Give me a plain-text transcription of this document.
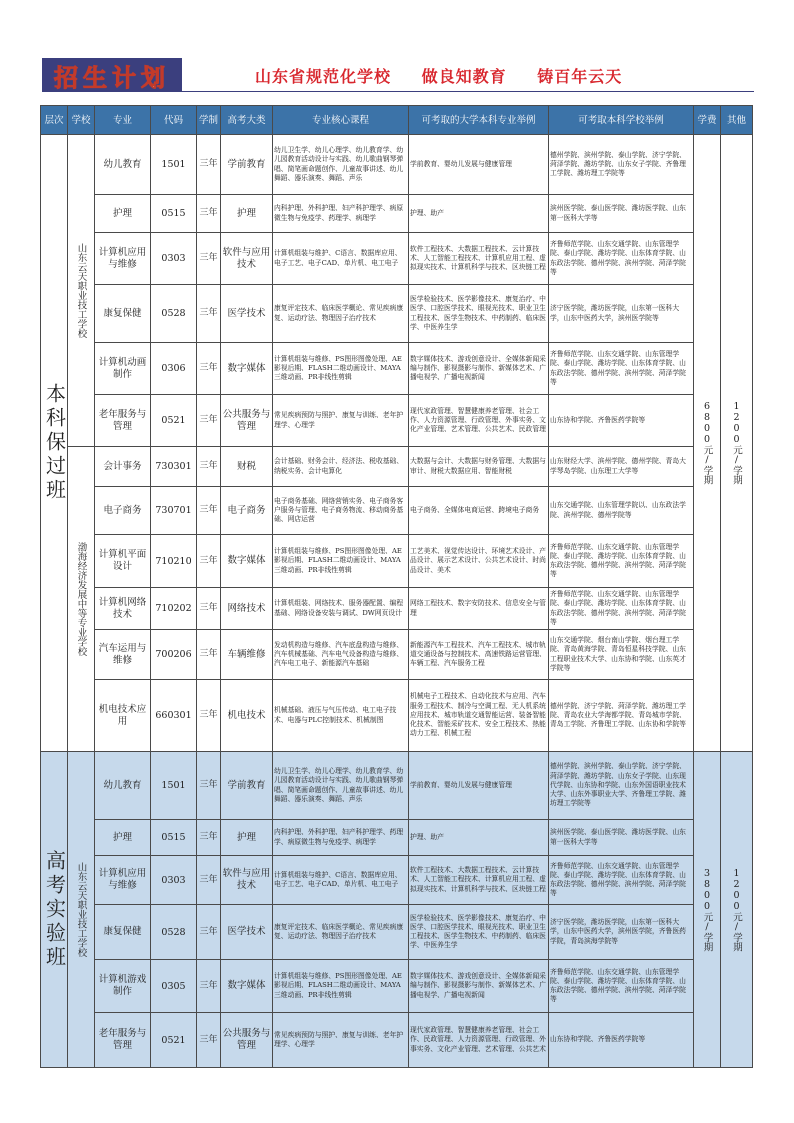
招生计划	山东省规范化学校 做良知教育 铸百年云天
层次	学校	专业	代码	学制	高考大类	专业核心课程	可考取的大学本科专业举例	可考取本科学校举例	学费	其他

本科保过班	山东云天职业技工学校	幼儿教育	1501	三年	学前教育	幼儿卫生学、幼儿心理学、幼儿教育学、幼儿园教育活动设计与实践、幼儿歌曲钢琴弹唱、简笔画命题创作、儿童故事讲述、幼儿舞蹈、器乐演奏、舞蹈、声乐	学前教育、婴幼儿发展与健康管理	德州学院、滨州学院、泰山学院、济宁学院、菏泽学院、潍坊学院、山东女子学院、齐鲁理工学院、潍坊理工学院等	6800元/学期	1200元/学期

		护理	0515	三年	护理	内科护理、外科护理、妇产科护理学、病原微生物与免疫学、药理学、病理学	护理、助产	滨州医学院、泰山医学院、潍坊医学院、山东第一医科大学等		
		计算机应用与维修	0303	三年	软件与应用技术	计算机组装与维护、C语言、数据库应用、电子工艺、电子CAD、单片机、电工电子	软件工程技术、大数据工程技术、云计算技术、人工智能工程技术、计算机应用工程、虚拟现实技术、计算机科学与技术、区块链工程	齐鲁师范学院、山东交通学院、山东管理学院、泰山学院、潍坊学院、山东体育学院、山东政法学院、德州学院、滨州学院、菏泽学院等		
		康复保健	0528	三年	医学技术	康复评定技术、临床医学概论、常见疾病康复、运动疗法、物理因子治疗技术	医学检验技术、医学影像技术、康复治疗、中医学、口腔医学技术、眼视光技术、职业卫生工程技术、医学生物技术、中药制药、临床医学、中医养生学	济宁医学院，潍坊医学院，山东第一医科大学，山东中医药大学，滨州医学院等		
		计算机动画制作	0306	三年	数字媒体	计算机组装与维修、PS图形图像处理、AE影视后期、FLASH二维动画设计、MAYA三维动画、PR非线性剪辑	数字媒体技术、游戏创意设计、全媒体新闻采编与制作、影视摄影与制作、新媒体艺术、广播电视学、广播电视新闻	齐鲁师范学院、山东交通学院、山东管理学院、泰山学院、潍坊学院、山东体育学院、山东政法学院、德州学院、滨州学院、菏泽学院等		
		老年服务与管理	0521	三年	公共服务与管理	常见疾病预防与照护、康复与训练、老年护理学、心理学	现代家政管理、智慧健康养老管理、社会工作、人力资源管理、行政管理、外事实务、文化产业管理、艺术管理、公共艺术、民政管理	山东协和学院、齐鲁医药学院等		

	渤海经济发展中等专业学校	会计事务	730301	三年	财税	会计基础、财务会计、经济法、税收基础、纳税实务、会计电算化	大数据与会计、大数据与财务管理、大数据与审计、财税大数据应用、智能财税	山东财经大学、滨州学院、德州学院、青岛大学琴岛学院、山东理工大学等		
		电子商务	730701	三年	电子商务	电子商务基础、网络营销实务、电子商务客户服务与管理、电子商务物流、移动商务基础、网店运营	电子商务、全媒体电商运营、跨境电子商务	山东交通学院、山东管理学院以、山东政法学院、滨州学院、德州学院等		
		计算机平面设计	710210	三年	数字媒体	计算机组装与维修、PS图形图像处理、AE影视后期、FLASH二维动画设计、MAYA三维动画、PR非线性剪辑	工艺美术、视觉传达设计、环境艺术设计、产品设计、展示艺术设计、公共艺术设计、时尚品设计、美术	齐鲁师范学院、山东交通学院、山东管理学院、泰山学院、潍坊学院、山东体育学院、山东政法学院、德州学院、滨州学院、菏泽学院等		
		计算机网络技术	710202	三年	网络技术	计算机组装、网络技术、服务器配置、编程基础、网络设备安装与调试、DW网页设计	网络工程技术、数字安防技术、信息安全与管理	齐鲁师范学院、山东交通学院、山东管理学院、泰山学院、潍坊学院、山东体育学院、山东政法学院、德州学院、滨州学院、菏泽学院等		
		汽车运用与维修	700206	三年	车辆维修	发动机构造与维修、汽车底盘构造与维修、汽车机械基础、汽车电气设备构造与维修、汽车电工电子、新能源汽车基础	新能源汽车工程技术、汽车工程技术、城市轨道交通设备与控制技术、高速铁路运营管理、车辆工程、汽车服务工程	山东交通学院、烟台南山学院、烟台理工学院、青岛黄海学院、青岛恒星科技学院、山东工程职业技术大学、山东协和学院、山东英才学院等		
		机电技术应用	660301	三年	机电技术	机械基础、液压与气压传动、电工电子技术、电器与PLC控制技术、机械制图	机械电子工程技术、自动化技术与应用、汽车服务工程技术、制冷与空调工程、无人机系统应用技术、城市轨道交通智能运营、装备智能化技术、智能采矿技术、安全工程技术、热能动力工程、机械工程	德州学院、济宁学院、菏泽学院、潍坊理工学院、青岛农业大学海都学院、青岛城市学院、青岛工学院、齐鲁理工学院、山东协和学院等		

高考实验班	山东云天职业技工学校	幼儿教育	1501	三年	学前教育	幼儿卫生学、幼儿心理学、幼儿教育学、幼儿园教育活动设计与实践、幼儿歌曲钢琴弹唱、简笔画命题创作、儿童故事讲述、幼儿舞蹈、器乐演奏、舞蹈、声乐	学前教育、婴幼儿发展与健康管理	德州学院、滨州学院、泰山学院、济宁学院、菏泽学院、潍坊学院、山东女子学院、山东现代学院、山东协和学院、山东外国语职业技术大学、山东外事职业大学、齐鲁理工学院、潍坊理工学院等	3800元/学期	1200元/学期

		护理	0515	三年	护理	内科护理、外科护理、妇产科护理学、药理学、病原微生物与免疫学、病理学	护理、助产	滨州医学院、泰山医学院、潍坊医学院、山东第一医科大学等		
		计算机应用与维修	0303	三年	软件与应用技术	计算机组装与维护、C语言、数据库应用、电子工艺、电子CAD、单片机、电工电子	软件工程技术、大数据工程技术、云计算技术、人工智能工程技术、计算机应用工程、虚拟现实技术、计算机科学与技术、区块链工程	齐鲁师范学院、山东交通学院、山东管理学院、泰山学院、潍坊学院、山东体育学院、山东政法学院、德州学院、滨州学院、菏泽学院等		
		康复保健	0528	三年	医学技术	康复评定技术、临床医学概论、常见疾病康复、运动疗法、物理因子治疗技术	医学检验技术、医学影像技术、康复治疗、中医学、口腔医学技术、眼视光技术、职业卫生工程技术、医学生物技术、中药制药、临床医学、中医养生学	济宁医学院，潍坊医学院，山东第一医科大学，山东中医药大学，滨州医学院，齐鲁医药学院，青岛滨海学院等		
		计算机游戏制作	0305	三年	数字媒体	计算机组装与维修、PS图形图像处理、AE影视后期、FLASH二维动画设计、MAYA三维动画、PR非线性剪辑	数字媒体技术、游戏创意设计、全媒体新闻采编与制作、影视摄影与制作、新媒体艺术、广播电视学、广播电视新闻	齐鲁师范学院、山东交通学院、山东管理学院、泰山学院、潍坊学院、山东体育学院、山东政法学院、德州学院、滨州学院、菏泽学院等		
		老年服务与管理	0521	三年	公共服务与管理	常见疾病预防与照护、康复与训练、老年护理学、心理学	现代家政管理、智慧健康养老管理、社会工作、民政管理、人力资源管理、行政管理、外事实务、文化产业管理、艺术管理、公共艺术	山东协和学院、齐鲁医药学院等		
